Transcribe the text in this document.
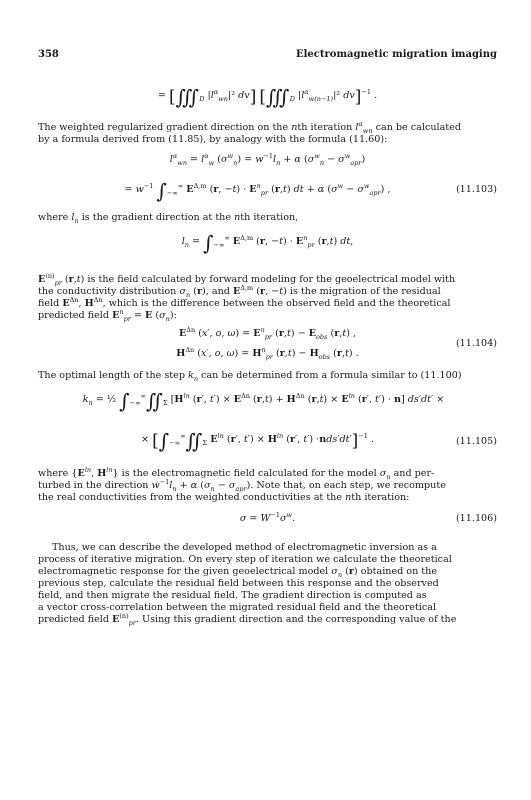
358	Electromagnetic migration imaging
= [$∭_D$ $|l^\alpha_{wn}|^2$ dv] [$∭_D$ $|l^\alpha_{w(n-1)}|^2$ dv]$^{-1}$ .
The weighted regularized gradient direction on the nth iteration $l^\alpha_{wn}$ can be calculated
by a formula derived from (11.85), by analogy with the formula (11.60):
$l^\alpha_{wn} = l^\alpha_w$ $(\sigma^w_n) = w^{-1}l_n + \alpha$ $(\sigma^w_n - \sigma^w_{apr})$
= $w^{-1}$ $\int_{-\infty}^\infty$ $E^{\Delta,m}$ (r, $-t) \cdot E^n_{pr}$ (r,t) dt + α $(\sigma^w - \sigma^w_{apr})$ ,	(11.103)
where $l_n$ is the gradient direction at the nth iteration,
$l_n = \int_{-\infty}^\infty$ $E^{\Delta,m}$ (r, $-t) \cdot E^n_{pr}$ (r,t) dt,
$E^{(n)}_{pr}$ (r,t) is the field calculated by forward modeling for the geoelectrical model with
the conductivity distribution $\sigma_n$ (r), and $E^{\Delta,m}$ (r, −t) is the migration of the residual
field $E^{\Delta n}$, $H^{\Delta n}$, which is the difference between the observed field and the theoretical
predicted field $E^n_{pr} = E$ $(\sigma_n)$:
$E^{\Delta n}$ (x′, o, $\omega) = E^n_{pr}$ $(r,t) - E_{obs}$ (r,t) ,
$H^{\Delta n}$ (x′, o, $\omega) = H^n_{pr}$ $(r,t) - H_{obs}$ (r,t) .
(11.104)
The optimal length of the step $k_n$ can be determined from a formula similar to (11.100)
$k_n$ = ½ $\int_{-\infty}^\infty∬_\Sigma$ [$H^{ln}$ (r′, $t') \times E^{\Delta n}$ $(r,t) + H^{\Delta n}$ $(r,t) \times E^{ln}$ (r′, t′) · n] ds′dt′ ×
× [$\int_{-\infty}^\infty∬_\Sigma$ $E^{ln}$ (r′, $t') \times H^{ln}$ (r′, t′) ·nds′dt′]$^{-1}$ .	(11.105)
where {$E^{ln}$, $H^{ln}$} is the electromagnetic field calculated for the model $\sigma_n$ and per-
turbed in the direction $w^{-1}l_n + \alpha$ $(\sigma_n - \sigma_{apr})$. Note that, on each step, we recompute
the real conductivities from the weighted conductivities at the nth iteration:
$\sigma = W^{-1}\sigma^w$.	(11.106)
Thus, we can describe the developed method of electromagnetic inversion as a
process of iterative migration. On every step of iteration we calculate the theoretical
electromagnetic response for the given geoelectrical model $\sigma_n$ (r) obtained on the
previous step, calculate the residual field between this response and the observed
field, and then migrate the residual field. The gradient direction is computed as
a vector cross-correlation between the migrated residual field and the theoretical
predicted field $E^{(n)}_{pr}$. Using this gradient direction and the corresponding value of the
